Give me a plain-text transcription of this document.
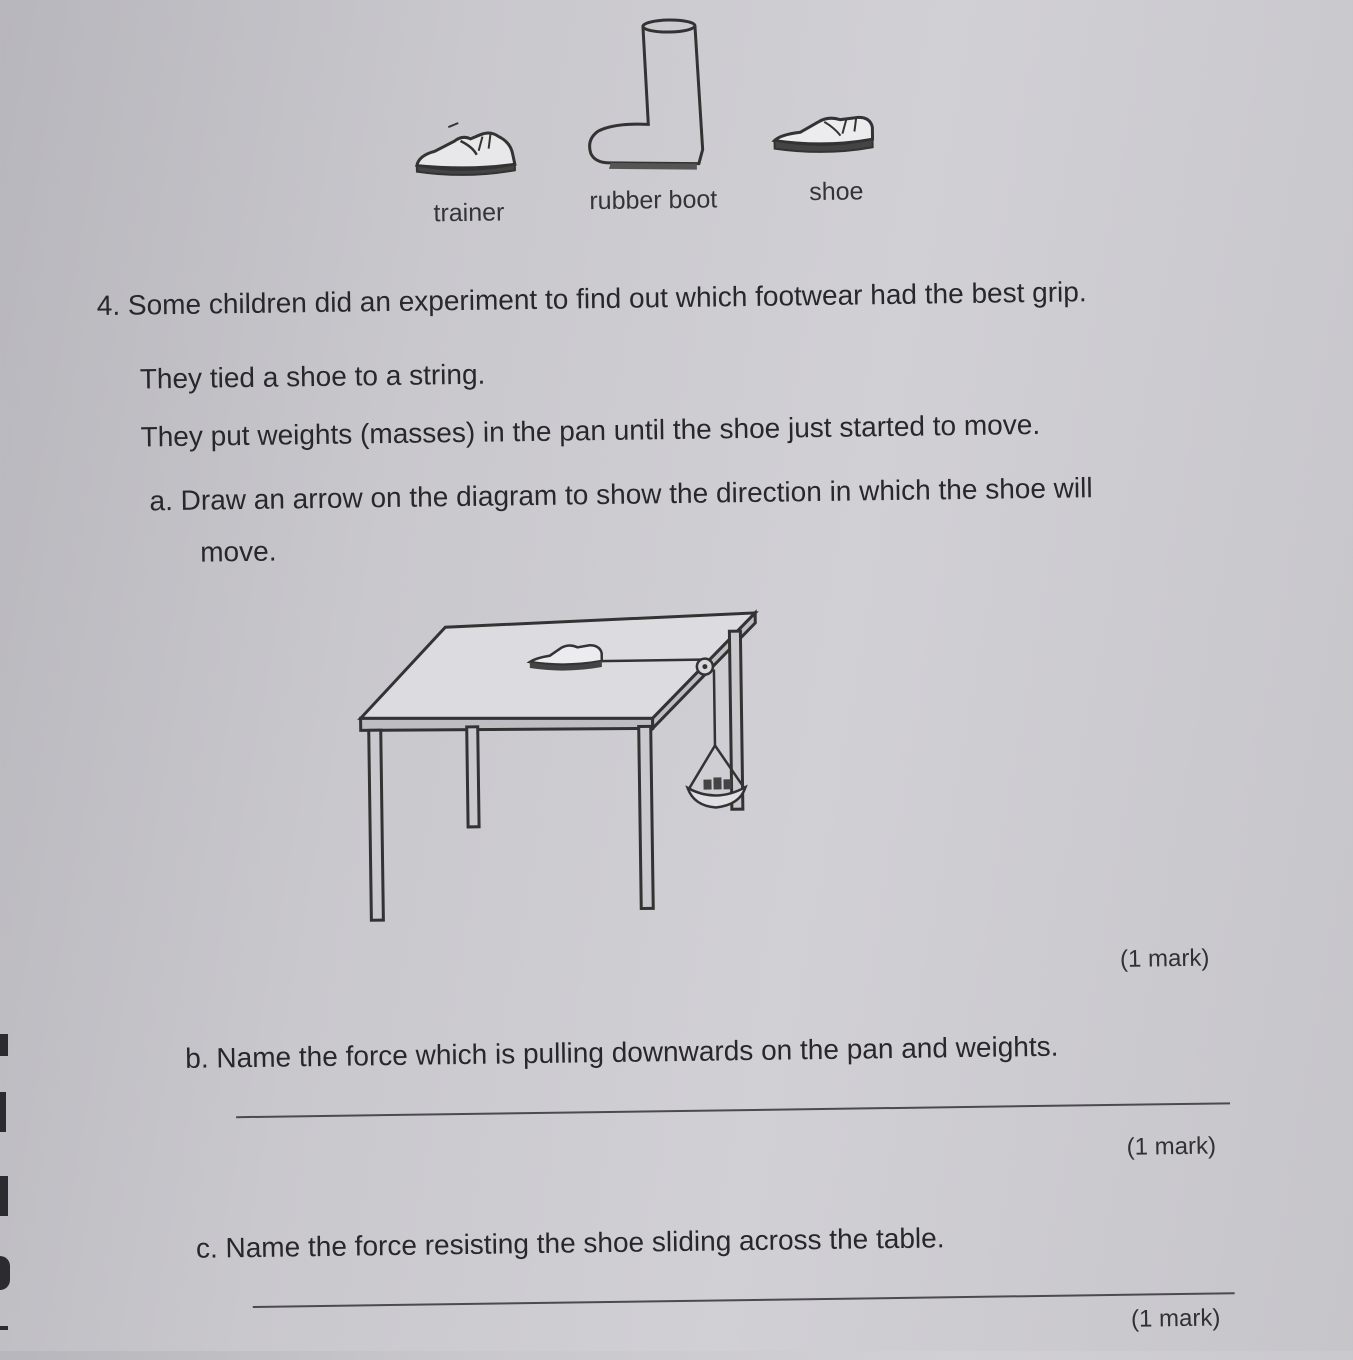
trainer	rubber boot	shoe
4. Some children did an experiment to find out which footwear had the best grip.
They tied a shoe to a string.
They put weights (masses) in the pan until the shoe just started to move.
a. Draw an arrow on the diagram to show the direction in which the shoe will
move.
(1 mark)
b. Name the force which is pulling downwards on the pan and weights.
(1 mark)
c. Name the force resisting the shoe sliding across the table.
(1 mark)
